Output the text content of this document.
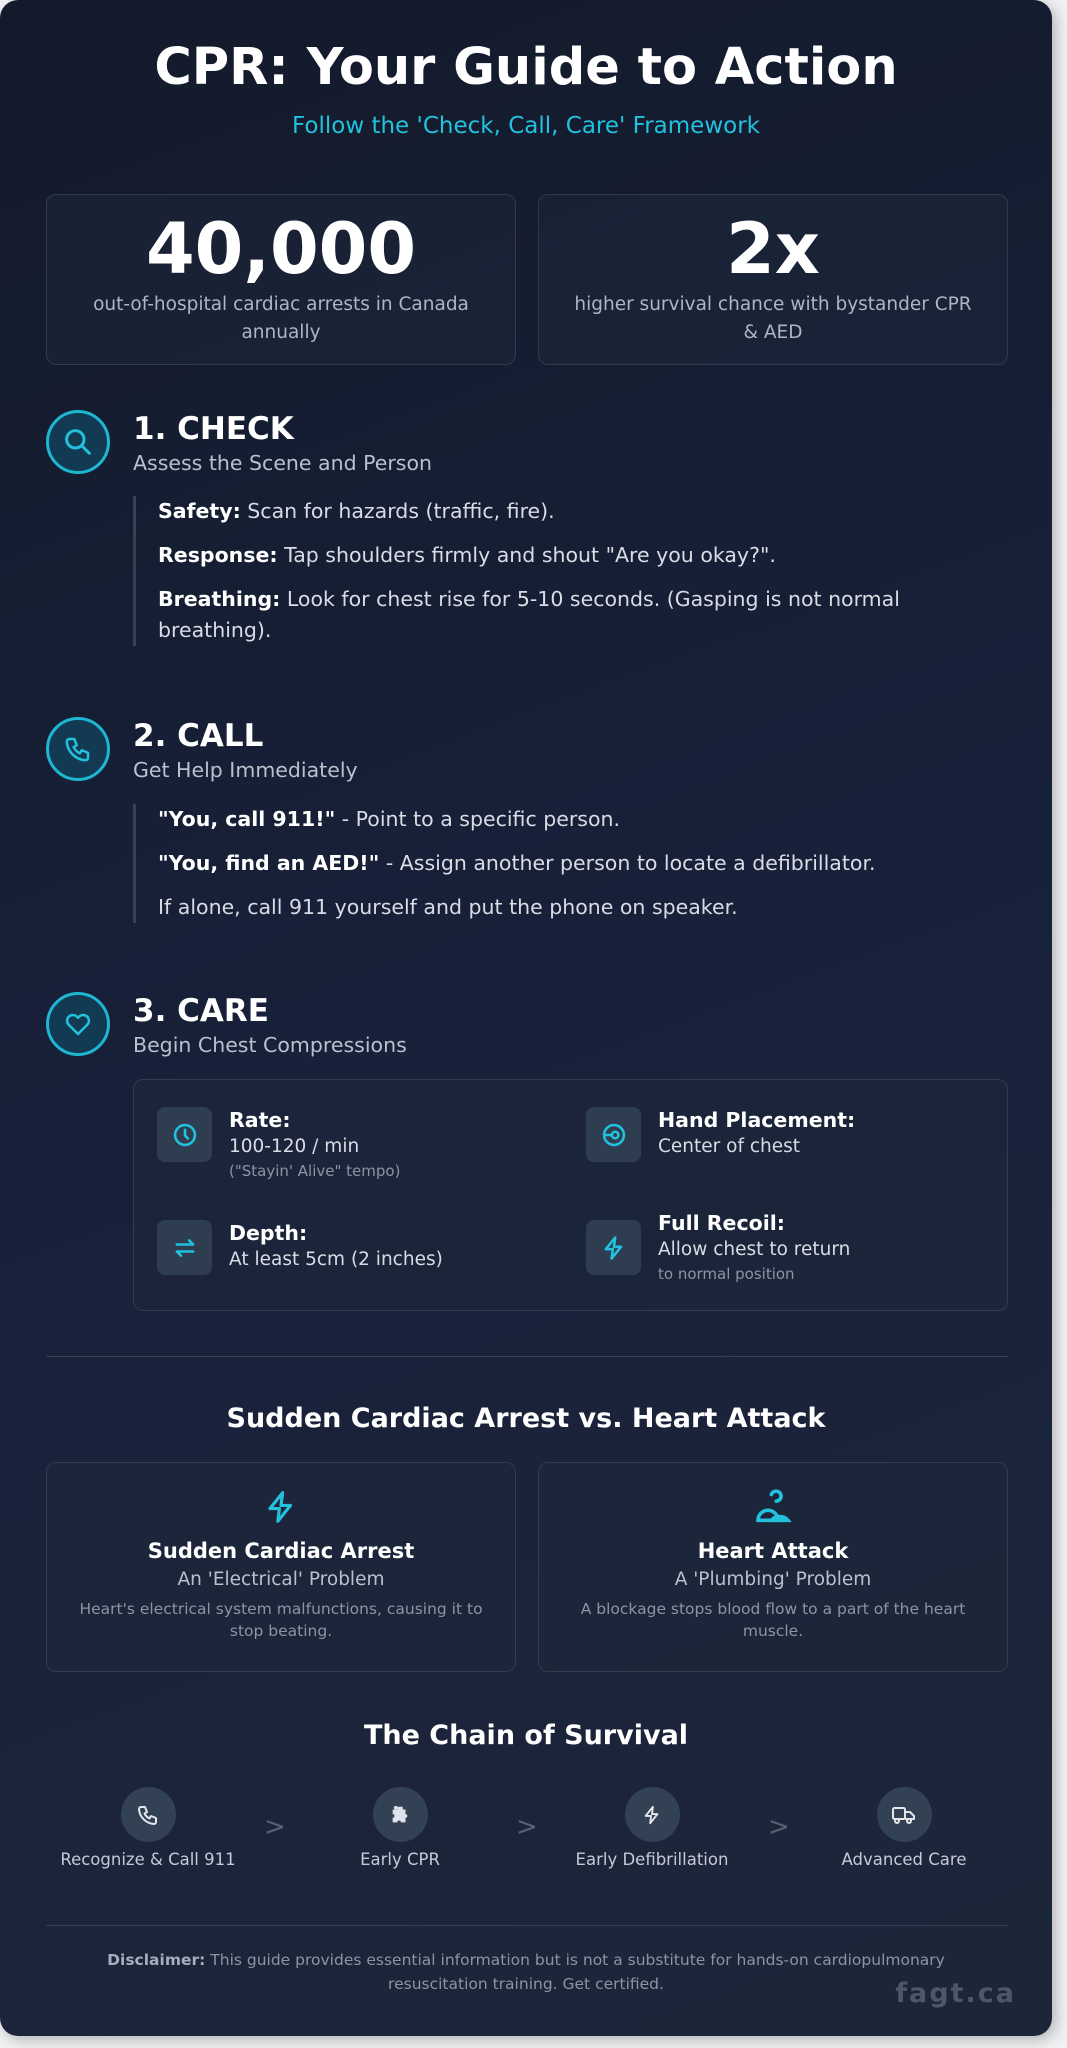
CPR: Your Guide to Action
Follow the 'Check, Call, Care' Framework
40,000
out-of-hospital cardiac arrests in Canada annually
2x
higher survival chance with bystander CPR & AED
1. CHECK
Assess the Scene and Person

Safety: Scan for hazards (traffic, fire).

Response: Tap shoulders firmly and shout "Are you okay?".

Breathing: Look for chest rise for 5-10 seconds. (Gasping is not normal breathing).

2. CALL
Get Help Immediately

"You, call 911!" - Point to a specific person.

"You, find an AED!" - Assign another person to locate a defibrillator.

If alone, call 911 yourself and put the phone on speaker.

3. CARE
Begin Chest Compressions
Rate:
100-120 / min
("Stayin' Alive" tempo)
Hand Placement:
Center of chest
Depth:
At least 5cm (2 inches)
Full Recoil:
Allow chest to return
to normal position
Sudden Cardiac Arrest vs. Heart Attack
Sudden Cardiac Arrest
An 'Electrical' Problem
Heart's electrical system malfunctions, causing it to stop beating.
Heart Attack
A 'Plumbing' Problem
A blockage stops blood flow to a part of the heart muscle.
The Chain of Survival
Recognize & Call 911
>
Early CPR
>
Early Defibrillation
>
Advanced Care
Disclaimer: This guide provides essential information but is not a substitute for hands-on cardiopulmonary resuscitation training. Get certified.	fagt.ca
